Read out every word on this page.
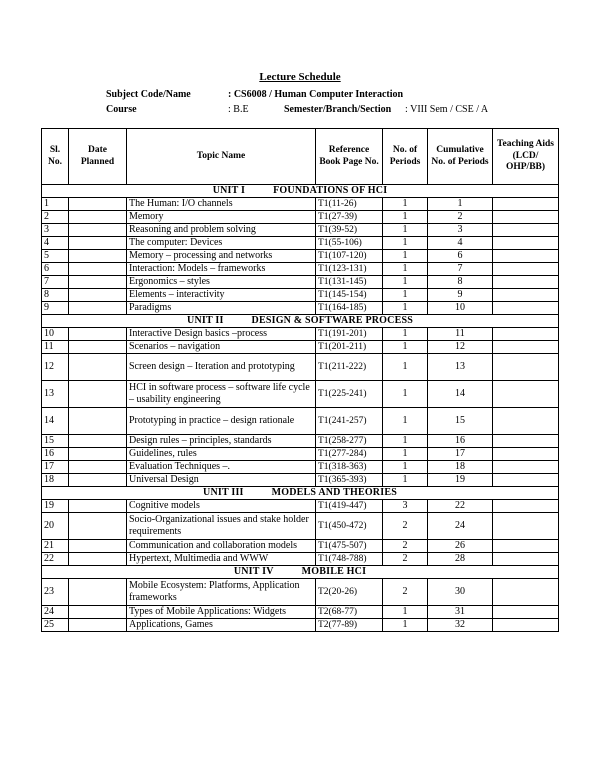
Lecture Schedule
Subject Code/Name	: CS6008 / Human Computer Interaction
Course	: B.E	Semester/Branch/Section : VIII Sem / CSE / A
Sl. No.	Date Planned	Topic Name	Reference Book Page No.	No. of Periods	Cumulative No. of Periods	Teaching Aids (LCD/ OHP/BB)
UNIT I FOUNDATIONS OF HCI						
1		The Human: I/O channels	T1(11-26)	1	1	
2		Memory	T1(27-39)	1	2	
3		Reasoning and problem solving	T1(39-52)	1	3	
4		The computer: Devices	T1(55-106)	1	4	
5		Memory – processing and networks	T1(107-120)	1	6	
6		Interaction: Models – frameworks	T1(123-131)	1	7	
7		Ergonomics – styles	T1(131-145)	1	8	
8		Elements – interactivity	T1(145-154)	1	9	
9		Paradigms	T1(164-185)	1	10	
UNIT II DESIGN & SOFTWARE PROCESS						
10		Interactive Design basics –process	T1(191-201)	1	11	
11		Scenarios – navigation	T1(201-211)	1	12	
12		Screen design – Iteration and prototyping	T1(211-222)	1	13	
13		HCI in software process – software life cycle – usability engineering	T1(225-241)	1	14	
14		Prototyping in practice – design rationale	T1(241-257)	1	15	
15		Design rules – principles, standards	T1(258-277)	1	16	
16		Guidelines, rules	T1(277-284)	1	17	
17		Evaluation Techniques –.	T1(318-363)	1	18	
18		Universal Design	T1(365-393)	1	19	
UNIT III MODELS AND THEORIES						
19		Cognitive models	T1(419-447)	3	22	
20		Socio-Organizational issues and stake holder requirements	T1(450-472)	2	24	
21		Communication and collaboration models	T1(475-507)	2	26	
22		Hypertext, Multimedia and WWW	T1(748-788)	2	28	
UNIT IV MOBILE HCI						
23		Mobile Ecosystem: Platforms, Application frameworks	T2(20-26)	2	30	
24		Types of Mobile Applications: Widgets	T2(68-77)	1	31	
25		Applications, Games	T2(77-89)	1	32	
